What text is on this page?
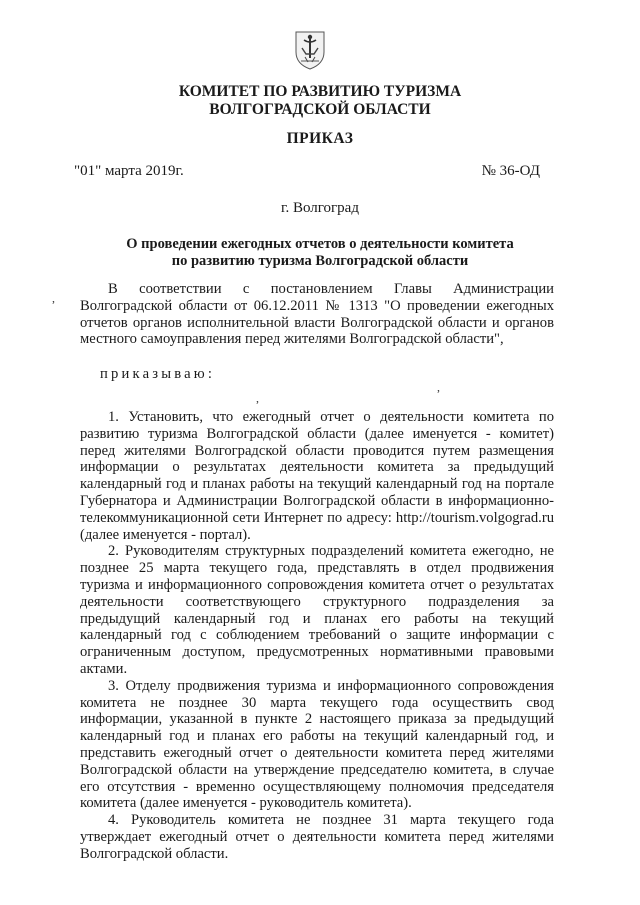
КОМИТЕТ ПО РАЗВИТИЮ ТУРИЗМА
ВОЛГОГРАДСКОЙ ОБЛАСТИ
ПРИКАЗ
"01" марта 2019г.	№ 36-ОД
г. Волгоград
О проведении ежегодных отчетов о деятельности комитета
по развитию туризма Волгоградской области
,
,
,

В соответствии с постановлением Главы Администрации Волгоградской области от 06.12.2011 № 1313 "О проведении ежегодных отчетов органов исполнительной власти Волгоградской области и органов местного самоуправления перед жителями Волгоградской области",

приказываю:

1. Установить, что ежегодный отчет о деятельности комитета по развитию туризма Волгоградской области (далее именуется - комитет) перед жителями Волгоградской области проводится путем размещения информации о результатах деятельности комитета за предыдущий календарный год и планах работы на текущий календарный год на портале Губернатора и Администрации Волгоградской области в информационно-телекоммуникационной сети Интернет по адресу: http://tourism.volgograd.ru (далее именуется - портал).

2. Руководителям структурных подразделений комитета ежегодно, не позднее 25 марта текущего года, представлять в отдел продвижения туризма и информационного сопровождения комитета отчет о результатах деятельности соответствующего структурного подразделения за предыдущий календарный год и планах его работы на текущий календарный год с соблюдением требований о защите информации с ограниченным доступом, предусмотренных нормативными правовыми актами.

3. Отделу продвижения туризма и информационного сопровождения комитета не позднее 30 марта текущего года осуществить свод информации, указанной в пункте 2 настоящего приказа за предыдущий календарный год и планах его работы на текущий календарный год, и представить ежегодный отчет о деятельности комитета перед жителями Волгоградской области на утверждение председателю комитета, в случае его отсутствия - временно осуществляющему полномочия председателя комитета (далее именуется - руководитель комитета).

4. Руководитель комитета не позднее 31 марта текущего года утверждает ежегодный отчет о деятельности комитета перед жителями Волгоградской области.
